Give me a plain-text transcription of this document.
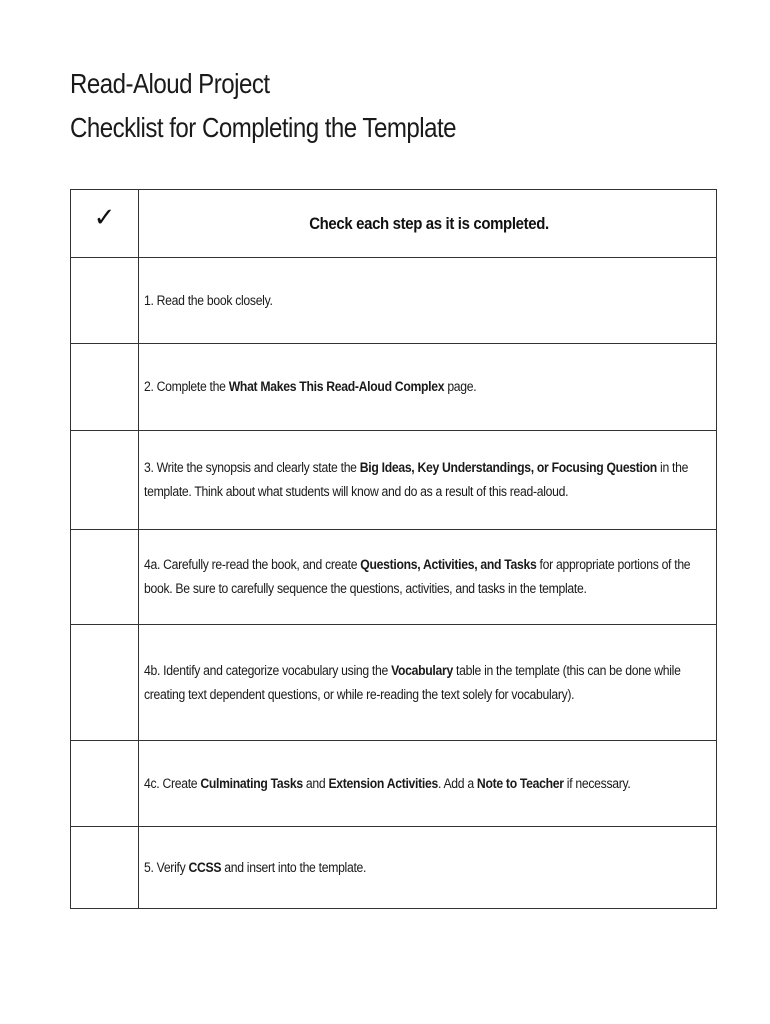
Read-Aloud Project
Checklist for Completing the Template
✓	Check each step as it is completed.

	1. Read the book closely.

	2. Complete the What Makes This Read-Aloud Complex page.

	3. Write the synopsis and clearly state the Big Ideas, Key Understandings, or Focusing Question in the template. Think about what students will know and do as a result of this read-aloud.

	4a. Carefully re-read the book, and create Questions, Activities, and Tasks for appropriate portions of the book. Be sure to carefully sequence the questions, activities, and tasks in the template.

	4b. Identify and categorize vocabulary using the Vocabulary table in the template (this can be done while creating text dependent questions, or while re-reading the text solely for vocabulary).

	4c. Create Culminating Tasks and Extension Activities. Add a Note to Teacher if necessary.

	5. Verify CCSS and insert into the template.
